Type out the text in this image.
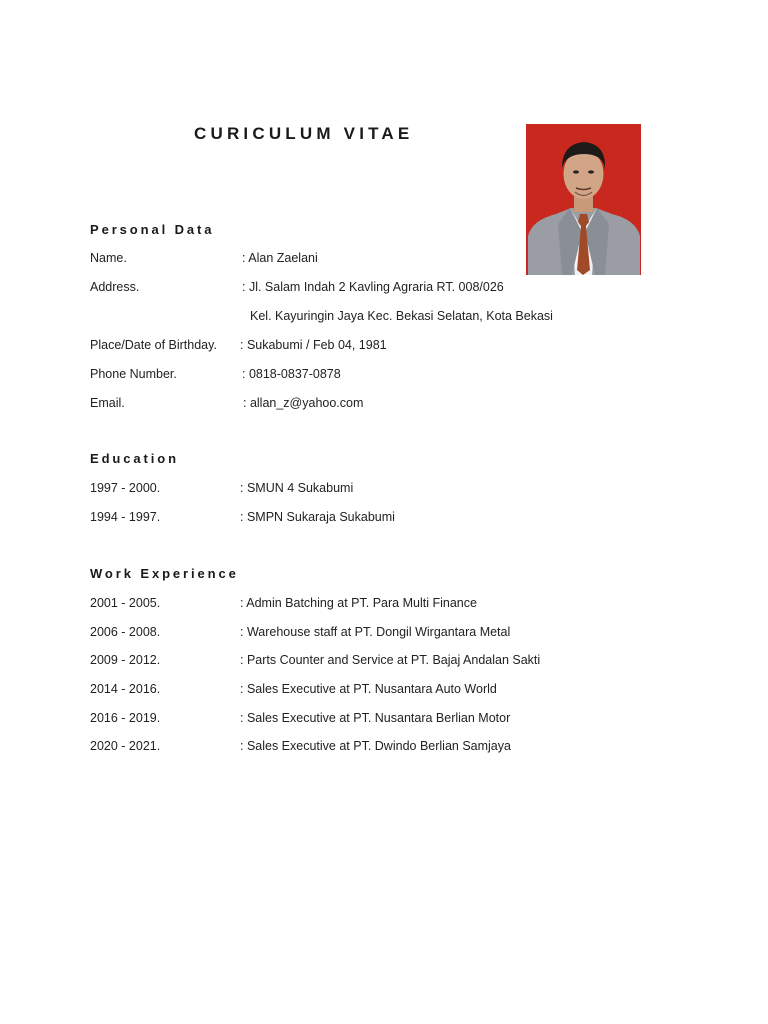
CURICULUM VITAE
Personal Data
Name.	: Alan Zaelani
Address.	: Jl. Salam Indah 2 Kavling Agraria RT. 008/026
Kel. Kayuringin Jaya Kec. Bekasi Selatan, Kota Bekasi
Place/Date of Birthday. : Sukabumi / Feb 04, 1981
Phone Number.	: 0818-0837-0878
Email.	: allan_z@yahoo.com
Education
1997 - 2000.	: SMUN 4 Sukabumi
1994 - 1997.	: SMPN Sukaraja Sukabumi
Work Experience
2001 - 2005.	: Admin Batching at PT. Para Multi Finance
2006 - 2008.	: Warehouse staff at PT. Dongil Wirgantara Metal
2009 - 2012.	: Parts Counter and Service at PT. Bajaj Andalan Sakti
2014 - 2016.	: Sales Executive at PT. Nusantara Auto World
2016 - 2019.	: Sales Executive at PT. Nusantara Berlian Motor
2020 - 2021.	: Sales Executive at PT. Dwindo Berlian Samjaya
